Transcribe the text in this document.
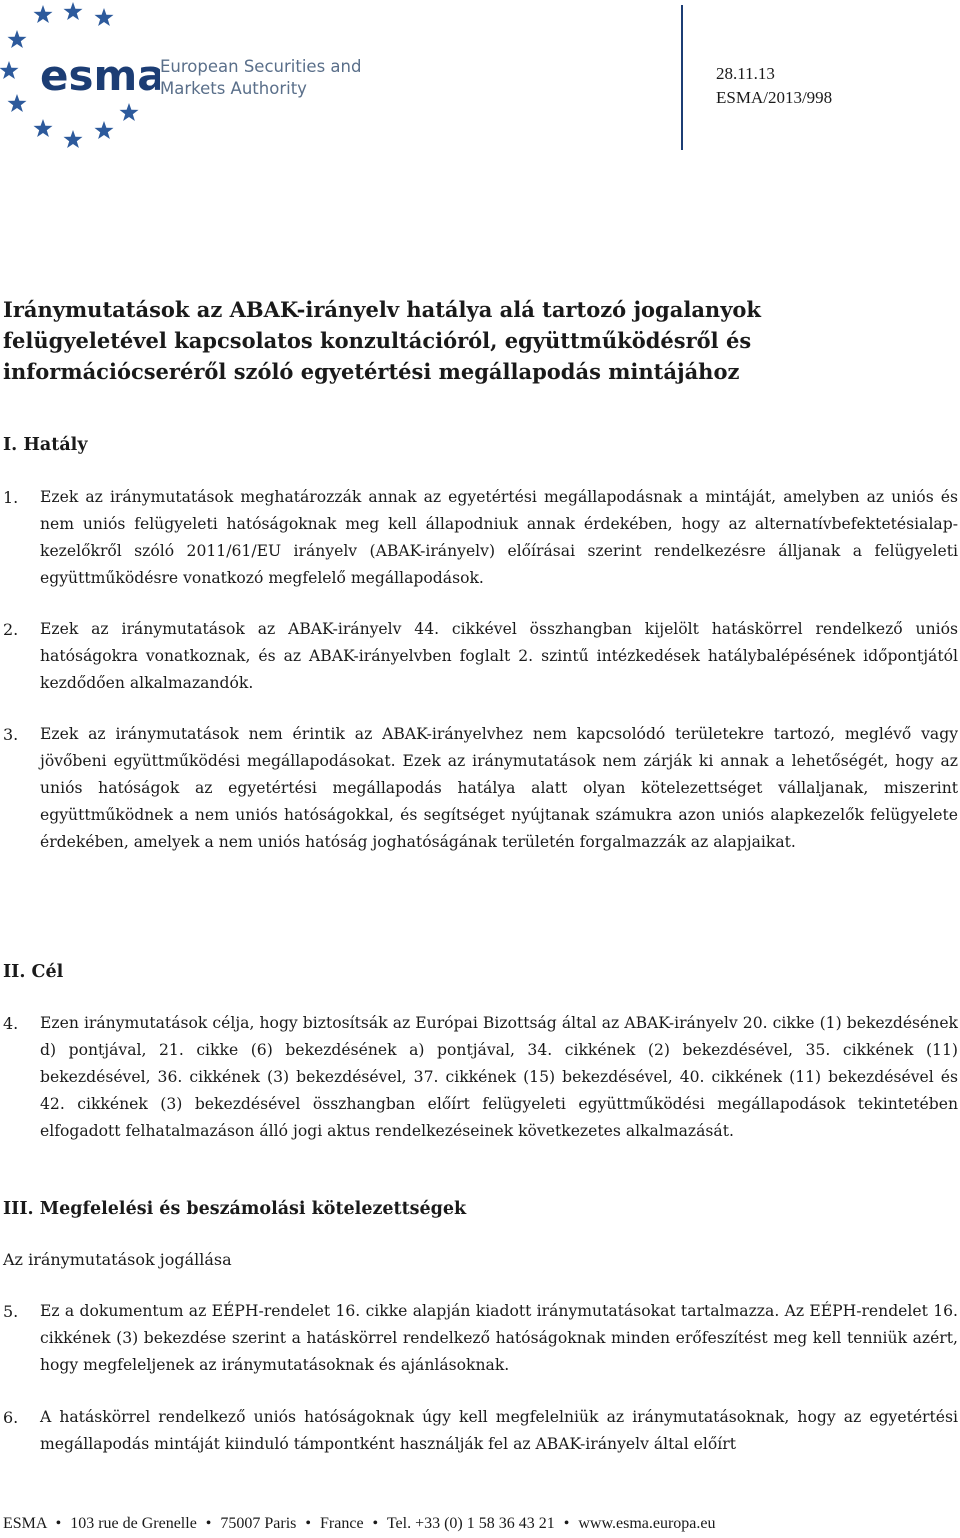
esma
European Securities and
Markets Authority
28.11.13
ESMA/2013/998
Iránymutatások az ABAK-irányelv hatálya alá tartozó jogalanyok felügyeletével kapcsolatos konzultációról, együttműködésről és információcseréről szóló egyetértési megállapodás mintájához
I. Hatály
1. Ezek az iránymutatások meghatározzák annak az egyetértési megállapodásnak a mintáját, amelyben az uniós és nem uniós felügyeleti hatóságoknak meg kell állapodniuk annak érdekében, hogy az alternatívbefektetésialap-kezelőkről szóló 2011/61/EU irányelv (ABAK-irányelv) előírásai szerint rendelkezésre álljanak a felügyeleti együttműködésre vonatkozó megfelelő megállapodások.
2. Ezek az iránymutatások az ABAK-irányelv 44. cikkével összhangban kijelölt hatáskörrel rendelkező uniós hatóságokra vonatkoznak, és az ABAK-irányelvben foglalt 2. szintű intézkedések hatálybalépésének időpontjától kezdődően alkalmazandók.
3. Ezek az iránymutatások nem érintik az ABAK-irányelvhez nem kapcsolódó területekre tartozó, meglévő vagy jövőbeni együttműködési megállapodásokat. Ezek az iránymutatások nem zárják ki annak a lehetőségét, hogy az uniós hatóságok az egyetértési megállapodás hatálya alatt olyan kötelezettséget vállaljanak, miszerint együttműködnek a nem uniós hatóságokkal, és segítséget nyújtanak számukra azon uniós alapkezelők felügyelete érdekében, amelyek a nem uniós hatóság joghatóságának területén forgalmazzák az alapjaikat.
II. Cél
4. Ezen iránymutatások célja, hogy biztosítsák az Európai Bizottság által az ABAK-irányelv 20. cikke (1) bekezdésének d) pontjával, 21. cikke (6) bekezdésének a) pontjával, 34. cikkének (2) bekezdésével, 35. cikkének (11) bekezdésével, 36. cikkének (3) bekezdésével, 37. cikkének (15) bekezdésével, 40. cikkének (11) bekezdésével és 42. cikkének (3) bekezdésével összhangban előírt felügyeleti együttműködési megállapodások tekintetében elfogadott felhatalmazáson álló jogi aktus rendelkezéseinek következetes alkalmazását.
III. Megfelelési és beszámolási kötelezettségek
Az iránymutatások jogállása
5. Ez a dokumentum az EÉPH-rendelet 16. cikke alapján kiadott iránymutatásokat tartalmazza. Az EÉPH-rendelet 16. cikkének (3) bekezdése szerint a hatáskörrel rendelkező hatóságoknak minden erőfeszítést meg kell tenniük azért, hogy megfeleljenek az iránymutatásoknak és ajánlásoknak.
6. A hatáskörrel rendelkező uniós hatóságoknak úgy kell megfelelniük az iránymutatásoknak, hogy az egyetértési megállapodás mintáját kiinduló támpontként használják fel az ABAK-irányelv által előírt
ESMA • 103 rue de Grenelle • 75007 Paris • France • Tel. +33 (0) 1 58 36 43 21 • www.esma.europa.eu
